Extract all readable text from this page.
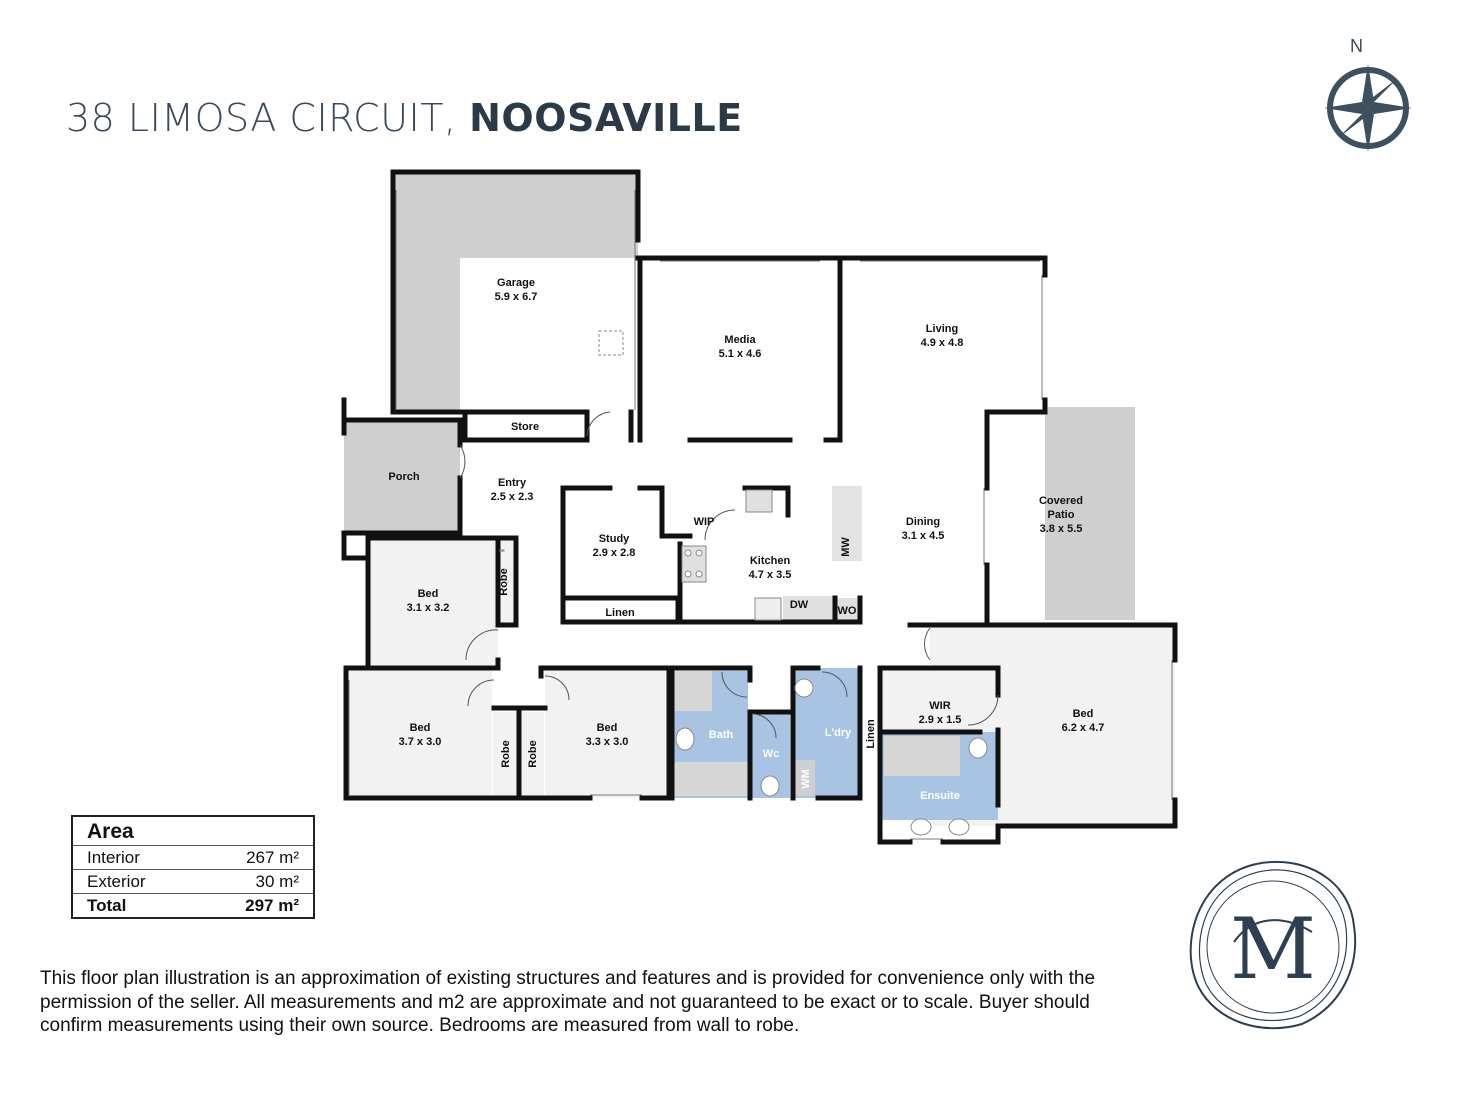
38 LIMOSA CIRCUIT, NOOSAVILLE
N
Garage
5.9 x 6.7
Media
5.1 x 4.6
Living
4.9 x 4.8
Covered
Patio
3.8 x 5.5
Store
Porch	Entry
2.5 x 2.3
Study
2.9 x 2.8
WIP
Kitchen
4.7 x 3.5
Dining
3.1 x 4.5
DW	WO
Linen
Bed
3.1 x 3.2
Bed
3.7 x 3.0
Bed
3.3 x 3.0
WIR
2.9 x 1.5	Bed
6.2 x 4.7
Bath
Wc
L'dry
Ensuite
Robe
Robe Robe
MW
WM
Linen
Area
Interior	267 m²
Exterior	30 m²
Total	297 m²
This floor plan illustration is an approximation of existing structures and features and is provided for convenience only with the permission of the seller. All measurements and m2 are approximate and not guaranteed to be exact or to scale. Buyer should confirm measurements using their own source. Bedrooms are measured from wall to robe.
M
